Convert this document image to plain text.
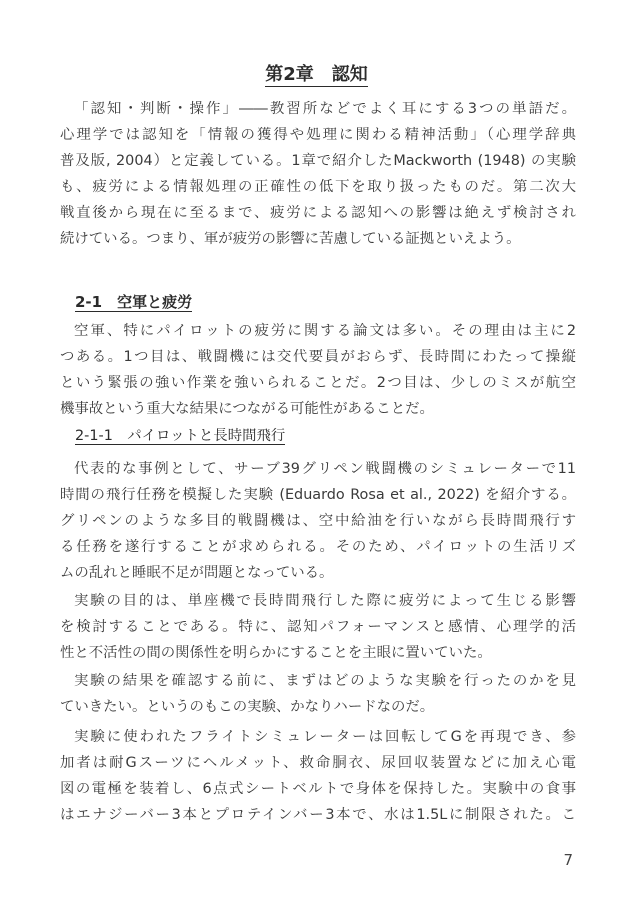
第2章　認知
「認知・判断・操作」――教習所などでよく耳にする3つの単語だ。
心理学では認知を「情報の獲得や処理に関わる精神活動」（心理学辞典
普及版, 2004）と定義している。1章で紹介したMackworth (1948) の実験
も、疲労による情報処理の正確性の低下を取り扱ったものだ。第二次大
戦直後から現在に至るまで、疲労による認知への影響は絶えず検討され
続けている。つまり、軍が疲労の影響に苦慮している証拠といえよう。
2-1　空軍と疲労
空軍、特にパイロットの疲労に関する論文は多い。その理由は主に2
つある。1つ目は、戦闘機には交代要員がおらず、長時間にわたって操縦
という緊張の強い作業を強いられることだ。2つ目は、少しのミスが航空
機事故という重大な結果につながる可能性があることだ。
2-1-1　パイロットと長時間飛行
代表的な事例として、サーブ39グリペン戦闘機のシミュレーターで11
時間の飛行任務を模擬した実験 (Eduardo Rosa et al., 2022) を紹介する。
グリペンのような多目的戦闘機は、空中給油を行いながら長時間飛行す
る任務を遂行することが求められる。そのため、パイロットの生活リズ
ムの乱れと睡眠不足が問題となっている。
実験の目的は、単座機で長時間飛行した際に疲労によって生じる影響
を検討することである。特に、認知パフォーマンスと感情、心理学的活
性と不活性の間の関係性を明らかにすることを主眼に置いていた。
実験の結果を確認する前に、まずはどのような実験を行ったのかを見
ていきたい。というのもこの実験、かなりハードなのだ。
実験に使われたフライトシミュレーターは回転してGを再現でき、参
加者は耐Gスーツにヘルメット、救命胴衣、尿回収装置などに加え心電
図の電極を装着し、6点式シートベルトで身体を保持した。実験中の食事
はエナジーバー3本とプロテインバー3本で、水は1.5Lに制限された。こ
7
